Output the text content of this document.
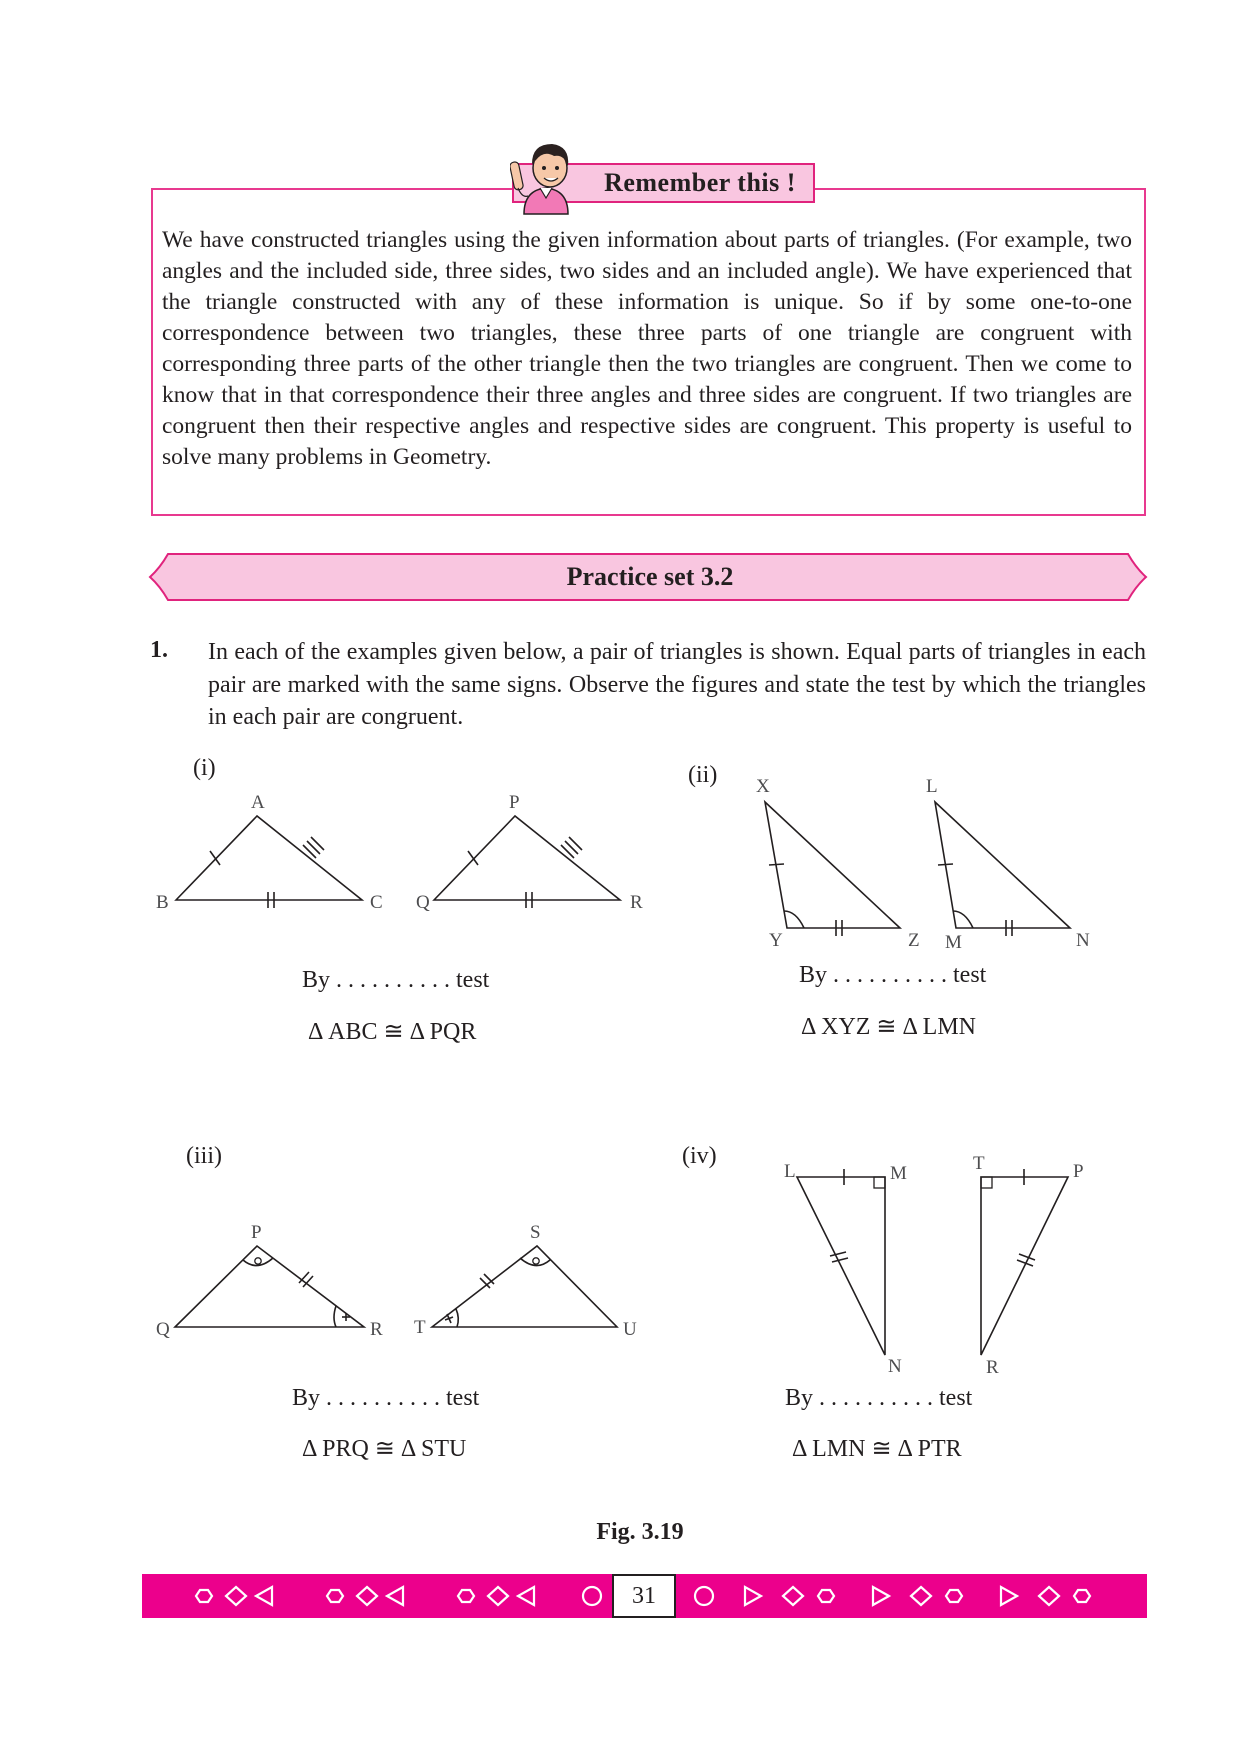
We have constructed triangles using the given information about parts of triangles. (For example, two angles and the included side, three sides, two sides and an included angle). We have experienced that the triangle constructed with any of these information is unique. So if by some one-to-one correspondence between two triangles, these three parts of one triangle are congruent with corresponding three parts of the other triangle then the two triangles are congruent. Then we come to know that in that correspondence their three angles and three sides are congruent. If two triangles are congruent then their respective angles and respective sides are congruent. This property is useful to solve many problems in Geometry.
Remember this !
Practice set 3.2
1. In each of the examples given below, a pair of triangles is shown. Equal parts of triangles in each pair are marked with the same signs. Observe the figures and state the test by which the triangles in each pair are congruent.
(i)
A
B	C
P
Q	R
By . . . . . . . . . . test
Δ ABC ≅ Δ PQR
(ii) X
Y	Z
L
M	N
By . . . . . . . . . . test
Δ XYZ ≅ Δ LMN
(iii)
P
Q	R
S
T	U
By . . . . . . . . . . test
Δ PRQ ≅ Δ STU
(iv)
L	M
N
T	P
R
By . . . . . . . . . . test
Δ LMN ≅ Δ PTR
Fig. 3.19
31
